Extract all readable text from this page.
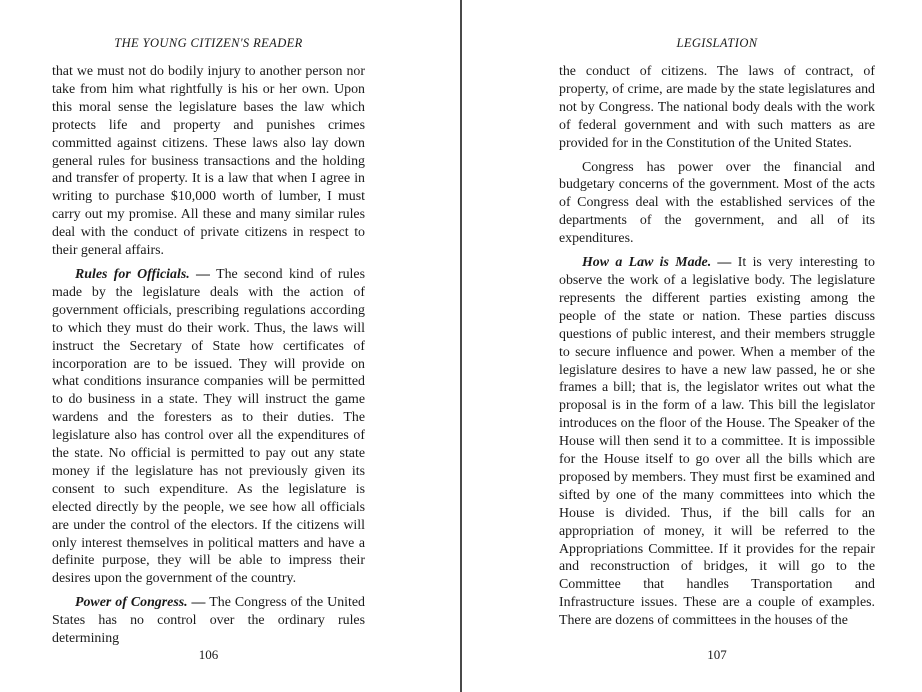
THE YOUNG CITIZEN'S READER

that we must not do bodily injury to another person nor take from him what rightfully is his or her own. Upon this moral sense the legislature bases the law which protects life and property and punishes crimes committed against citizens. These laws also lay down general rules for business transactions and the holding and transfer of property. It is a law that when I agree in writing to purchase $10,000 worth of lumber, I must carry out my promise. All these and many similar rules deal with the conduct of private citizens in respect to their general affairs.

Rules for Officials. — The second kind of rules made by the legislature deals with the action of government officials, prescribing regulations according to which they must do their work. Thus, the laws will instruct the Secretary of State how certificates of incorporation are to be issued. They will provide on what conditions insurance companies will be permitted to do business in a state. They will instruct the game wardens and the foresters as to their duties. The legislature also has control over all the expenditures of the state. No official is permitted to pay out any state money if the legislature has not previously given its consent to such expenditure. As the legislature is elected directly by the people, we see how all officials are under the control of the electors. If the citizens will only interest themselves in political matters and have a definite purpose, they will be able to impress their desires upon the government of the country.

Power of Congress. — The Congress of the United States has no control over the ordinary rules determining

106
LEGISLATION

the conduct of citizens. The laws of contract, of property, of crime, are made by the state legislatures and not by Congress. The national body deals with the work of federal government and with such matters as are provided for in the Constitution of the United States.

Congress has power over the financial and budgetary concerns of the government. Most of the acts of Congress deal with the established services of the departments of the government, and all of its expenditures.

How a Law is Made. — It is very interesting to observe the work of a legislative body. The legislature represents the different parties existing among the people of the state or nation. These parties discuss questions of public interest, and their members struggle to secure influence and power. When a member of the legislature desires to have a new law passed, he or she frames a bill; that is, the legislator writes out what the proposal is in the form of a law. This bill the legislator introduces on the floor of the House. The Speaker of the House will then send it to a committee. It is impossible for the House itself to go over all the bills which are proposed by members. They must first be examined and sifted by one of the many committees into which the House is divided. Thus, if the bill calls for an appropriation of money, it will be referred to the Appropriations Committee. If it provides for the repair and reconstruction of bridges, it will go to the Committee that handles Transportation and Infrastructure issues. These are a couple of examples. There are dozens of committees in the houses of the

107
